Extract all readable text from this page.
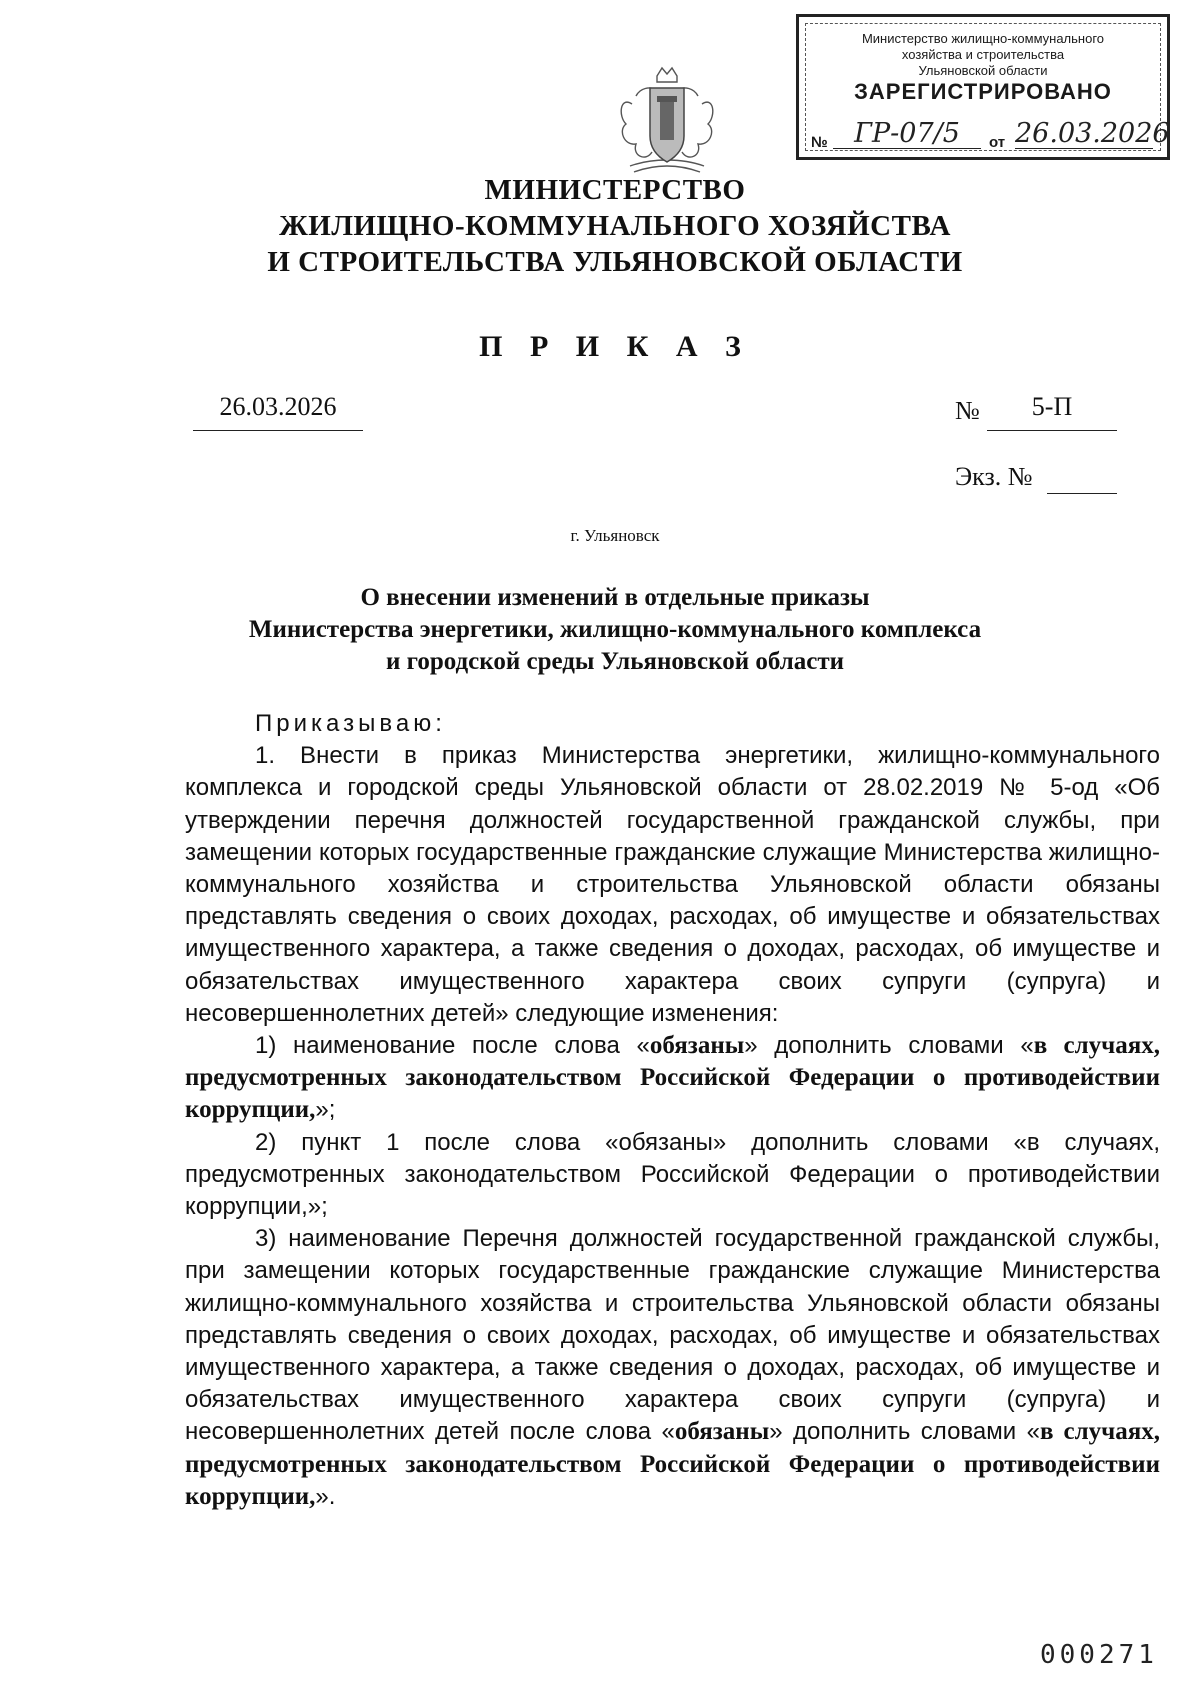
Министерство жилищно-коммунального
хозяйства и строительства
Ульяновской области
ЗАРЕГИСТРИРОВАНО
№ ГР-07/5	от 26.03.2026
МИНИСТЕРСТВО
ЖИЛИЩНО-КОММУНАЛЬНОГО ХОЗЯЙСТВА
И СТРОИТЕЛЬСТВА УЛЬЯНОВСКОЙ ОБЛАСТИ
П Р И К А З
26.03.2026	№	5-П
Экз. №
г. Ульяновск
О внесении изменений в отдельные приказы
Министерства энергетики, жилищно-коммунального комплекса
и городской среды Ульяновской области

Приказываю:

1. Внести в приказ Министерства энергетики, жилищно-коммунального комплекса и городской среды Ульяновской области от 28.02.2019 № 5-од «Об утверждении перечня должностей государственной гражданской службы, при замещении которых государственные гражданские служащие Министерства жилищно-коммунального хозяйства и строительства Ульяновской области обязаны представлять сведения о своих доходах, расходах, об имуществе и обязательствах имущественного характера, а также сведения о доходах, расходах, об имуществе и обязательствах имущественного характера своих супруги (супруга) и несовершеннолетних детей» следующие изменения:

1) наименование после слова «обязаны» дополнить словами «в случаях, предусмотренных законодательством Российской Федерации о противодействии коррупции,»;

2) пункт 1 после слова «обязаны» дополнить словами «в случаях, предусмотренных законодательством Российской Федерации о противодействии коррупции,»;

3) наименование Перечня должностей государственной гражданской службы, при замещении которых государственные гражданские служащие Министерства жилищно-коммунального хозяйства и строительства Ульяновской области обязаны представлять сведения о своих доходах, расходах, об имуществе и обязательствах имущественного характера, а также сведения о доходах, расходах, об имуществе и обязательствах имущественного характера своих супруги (супруга) и несовершеннолетних детей после слова «обязаны» дополнить словами «в случаях, предусмотренных законодательством Российской Федерации о противодействии коррупции,».

000271
